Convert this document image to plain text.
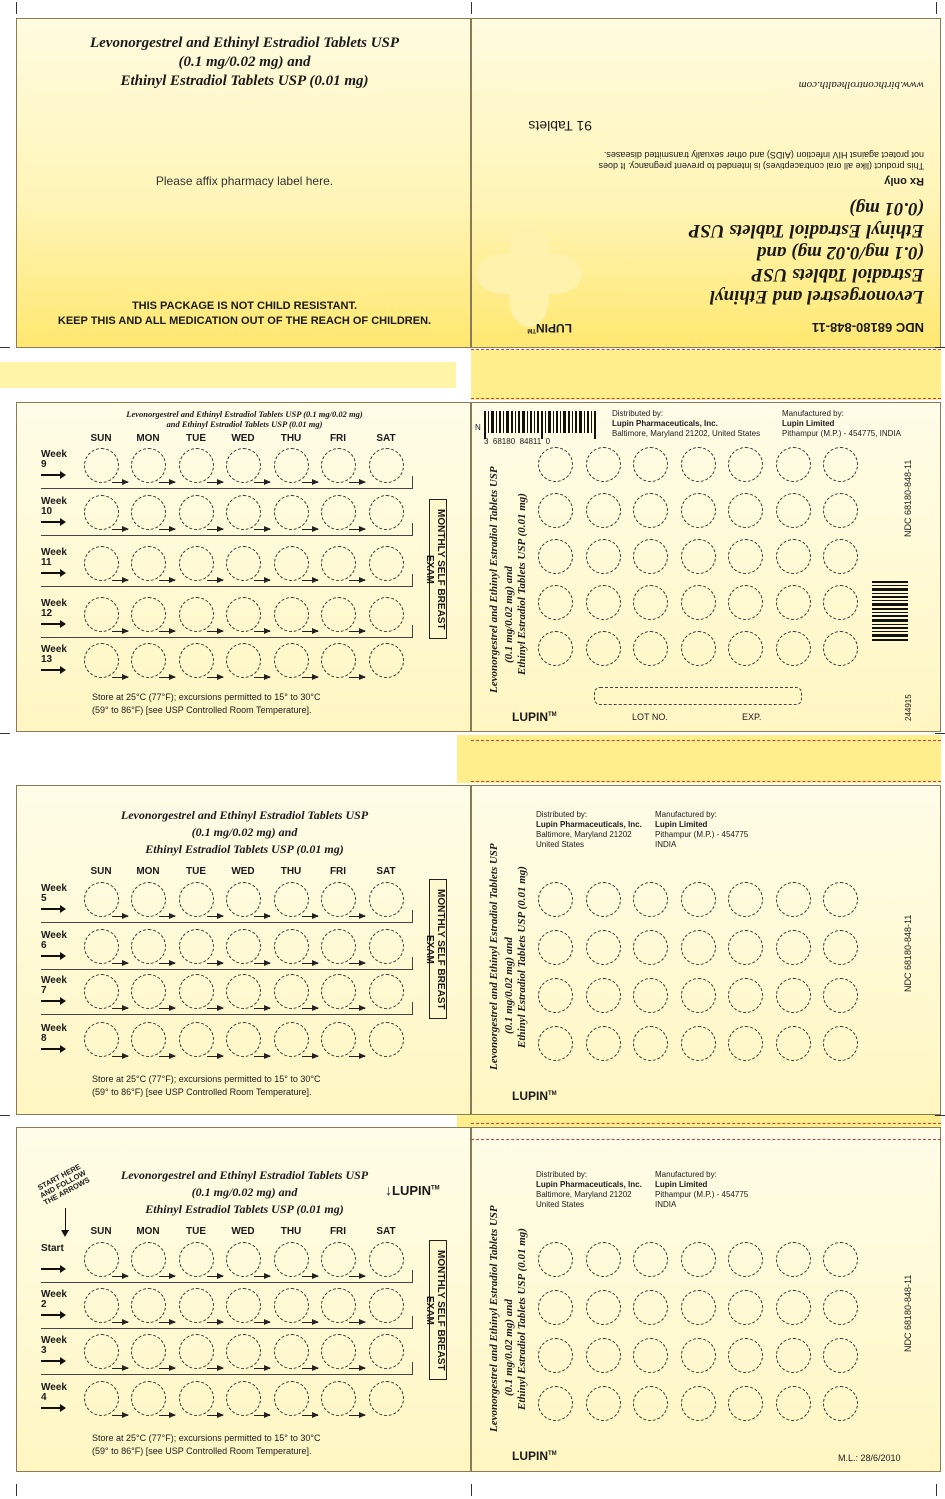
Levonorgestrel and Ethinyl Estradiol Tablets USP
(0.1 mg/0.02 mg) and
Ethinyl Estradiol Tablets USP (0.01 mg)
Please affix pharmacy label here.
THIS PACKAGE IS NOT CHILD RESISTANT.
KEEP THIS AND ALL MEDICATION OUT OF THE REACH OF CHILDREN.	NDC 68180-848-11
LUPIN™
Levonorgestrel and Ethinyl
Estradiol Tablets USP
(0.1 mg/0.02 mg) and
Ethinyl Estradiol Tablets USP
(0.01 mg)
Rx only
This product (like all oral contraceptives) is intended to prevent pregnancy. It does
not protect against HIV infection (AIDS) and other sexually transmitted diseases.
91 Tablets
www.birthcontrolhealth.com
Levonorgestrel and Ethinyl Estradiol Tablets USP (0.1 mg/0.02 mg)
and Ethinyl Estradiol Tablets USP (0.01 mg)
SUN	MON	TUE	WED	THU	FRI	SAT
Week 9
Week 10
Week 11
Week 12
Week 13
MONTHLY SELF BREAST EXAM
Store at 25°C (77°F); excursions permitted to 15° to 30°C
(59° to 86°F) [see USP Controlled Room Temperature].
N
3  68180  84811  0
Distributed by:
Lupin Pharmaceuticals, Inc.
Baltimore, Maryland 21202, United States
Manufactured by:
Lupin Limited
Pithampur (M.P.) - 454775, INDIA
Levonorgestrel and Ethinyl Estradiol Tablets USP (0.1 mg/0.02 mg) and Ethinyl Estradiol Tablets USP (0.01 mg)
LUPIN™	LOT NO.	EXP.
NDC 68180-848-11
244915
Levonorgestrel and Ethinyl Estradiol Tablets USP
(0.1 mg/0.02 mg) and
Ethinyl Estradiol Tablets USP (0.01 mg)
SUN	MON	TUE	WED	THU	FRI	SAT
Week 5
Week 6
Week 7
Week 8
MONTHLY SELF BREAST EXAM
Store at 25°C (77°F); excursions permitted to 15° to 30°C
(59° to 86°F) [see USP Controlled Room Temperature].
Distributed by:
Lupin Pharmaceuticals, Inc.
Baltimore, Maryland 21202
United States
Manufactured by:
Lupin Limited
Pithampur (M.P.) - 454775
INDIA
Levonorgestrel and Ethinyl Estradiol Tablets USP (0.1 mg/0.02 mg) and Ethinyl Estradiol Tablets USP (0.01 mg)
LUPIN™
NDC 68180-848-11
Levonorgestrel and Ethinyl Estradiol Tablets USP
(0.1 mg/0.02 mg) and
Ethinyl Estradiol Tablets USP (0.01 mg)
↓LUPIN™
START HERE AND FOLLOW THE ARROWS
SUN	MON	TUE	WED	THU	FRI	SAT
Start
Week 2
Week 3
Week 4
MONTHLY SELF BREAST EXAM
Store at 25°C (77°F); excursions permitted to 15° to 30°C
(59° to 86°F) [see USP Controlled Room Temperature].
Distributed by:
Lupin Pharmaceuticals, Inc.
Baltimore, Maryland 21202
United States
Manufactured by:
Lupin Limited
Pithampur (M.P.) - 454775
INDIA
Levonorgestrel and Ethinyl Estradiol Tablets USP (0.1 mg/0.02 mg) and Ethinyl Estradiol Tablets USP (0.01 mg)
LUPIN™
NDC 68180-848-11
M.L.: 28/6/2010
